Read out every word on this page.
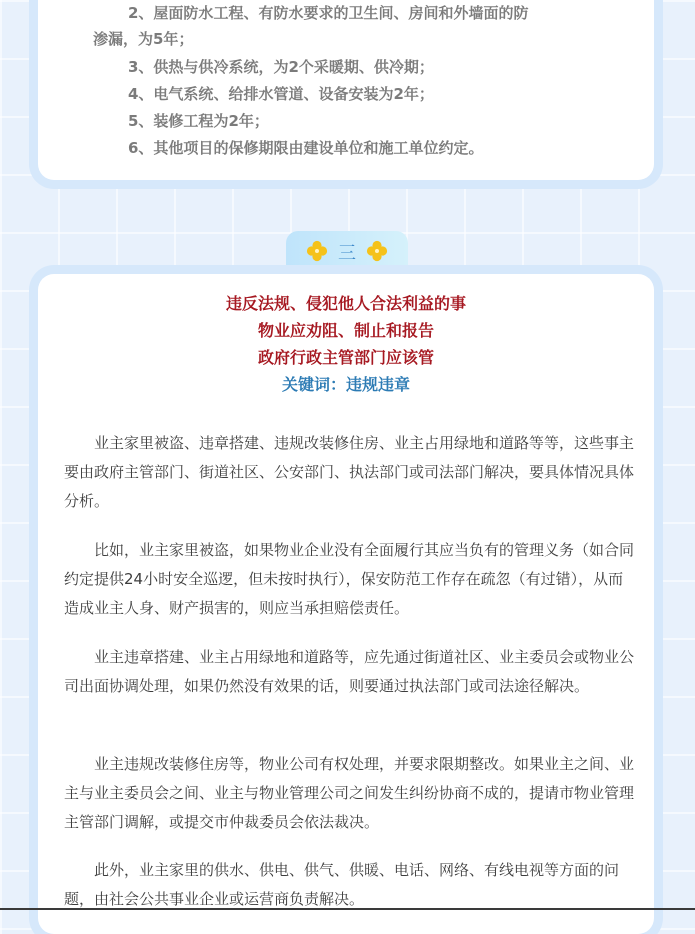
2、屋面防水工程、有防水要求的卫生间、房间和外墙面的防

渗漏，为5年；

3、供热与供冷系统，为2个采暖期、供冷期；

4、电气系统、给排水管道、设备安装为2年；

5、装修工程为2年；

6、其他项目的保修期限由建设单位和施工单位约定。

三

违反法规、侵犯他人合法利益的事

物业应劝阻、制止和报告

政府行政主管部门应该管

关键词：违规违章

业主家里被盗、违章搭建、违规改装修住房、业主占用绿地和道路等等，这些事主要由政府主管部门、街道社区、公安部门、执法部门或司法部门解决，要具体情况具体分析。

比如，业主家里被盗，如果物业企业没有全面履行其应当负有的管理义务（如合同约定提供24小时安全巡逻，但未按时执行），保安防范工作存在疏忽（有过错），从而造成业主人身、财产损害的，则应当承担赔偿责任。

业主违章搭建、业主占用绿地和道路等，应先通过街道社区、业主委员会或物业公司出面协调处理，如果仍然没有效果的话，则要通过执法部门或司法途径解决。

业主违规改装修住房等，物业公司有权处理，并要求限期整改。如果业主之间、业主与业主委员会之间、业主与物业管理公司之间发生纠纷协商不成的，提请市物业管理主管部门调解，或提交市仲裁委员会依法裁决。

此外，业主家里的供水、供电、供气、供暖、电话、网络、有线电视等方面的问题，由社会公共事业企业或运营商负责解决。
